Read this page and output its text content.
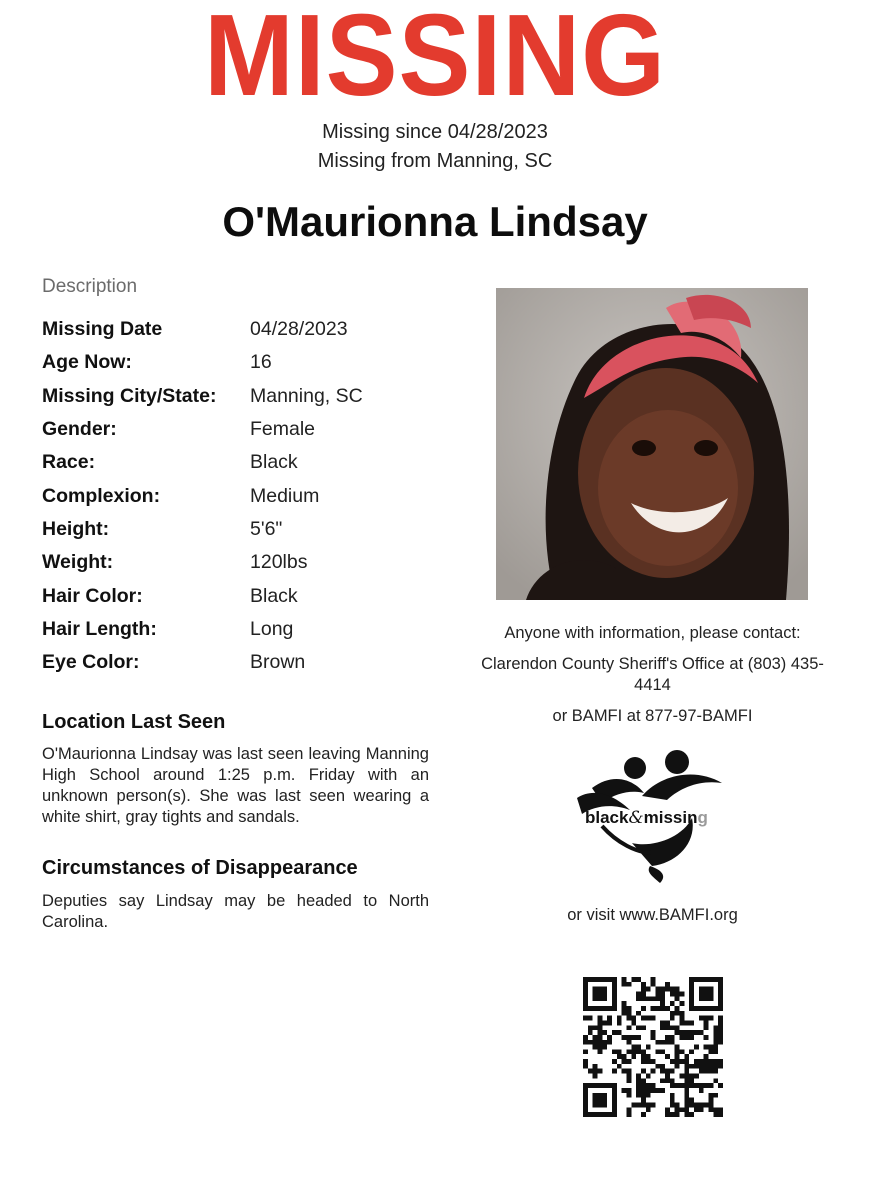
MISSING
Missing since 04/28/2023
Missing from Manning, SC
O'Maurionna Lindsay
Description
Missing Date	04/28/2023
Age Now:	16
Missing City/State:	Manning, SC
Gender:	Female
Race:	Black
Complexion:	Medium
Height:	5'6"
Weight:	120lbs
Hair Color:	Black
Hair Length:	Long
Eye Color:	Brown
Location Last Seen
O'Maurionna Lindsay was last seen leaving Manning High School around 1:25 p.m. Friday with an unknown person(s). She was last seen wearing a white shirt, gray tights and sandals.
Circumstances of Disappearance
Deputies say Lindsay may be headed to North Carolina.
Anyone with information, please contact:
Clarendon County Sheriff's Office at (803) 435-4414
or BAMFI at 877-97-BAMFI
black&missing
or visit www.BAMFI.org
